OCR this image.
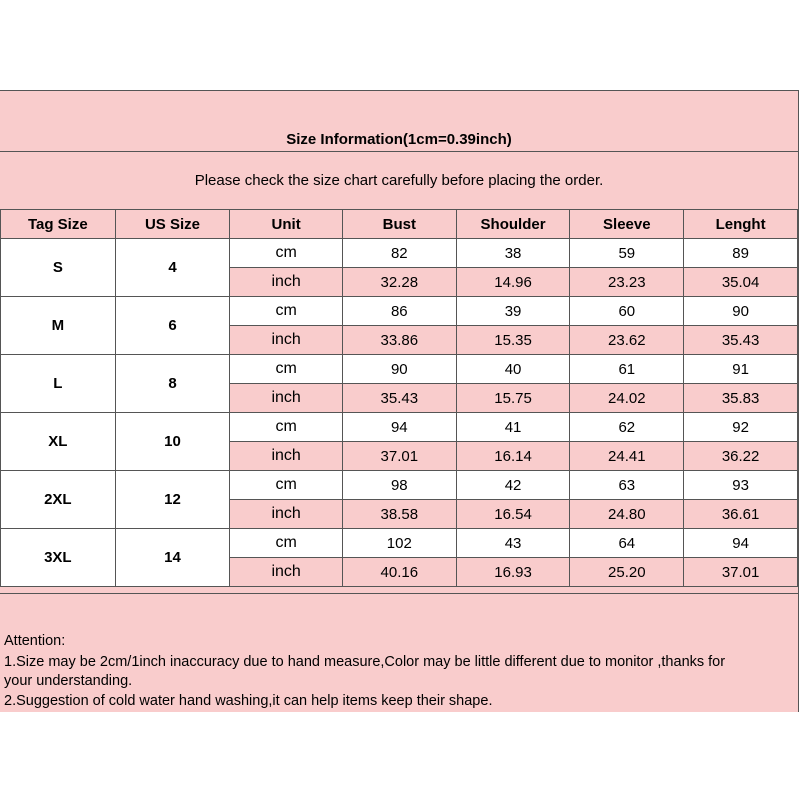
Size Information(1cm=0.39inch)
Please check the size chart carefully before placing the order.
Tag Size	US Size	Unit	Bust	Shoulder	Sleeve	Lenght
S	4	cm	82	38	59	89
		inch	32.28	14.96	23.23	35.04
M	6	cm	86	39	60	90
		inch	33.86	15.35	23.62	35.43
L	8	cm	90	40	61	91
		inch	35.43	15.75	24.02	35.83
XL	10	cm	94	41	62	92
		inch	37.01	16.14	24.41	36.22
2XL	12	cm	98	42	63	93
		inch	38.58	16.54	24.80	36.61
3XL	14	cm	102	43	64	94
		inch	40.16	16.93	25.20	37.01

Attention:

1.Size may be 2cm/1inch inaccuracy due to hand measure,Color may be little different due to monitor ,thanks for

your understanding.

2.Suggestion of cold water hand washing,it can help items keep their shape.
